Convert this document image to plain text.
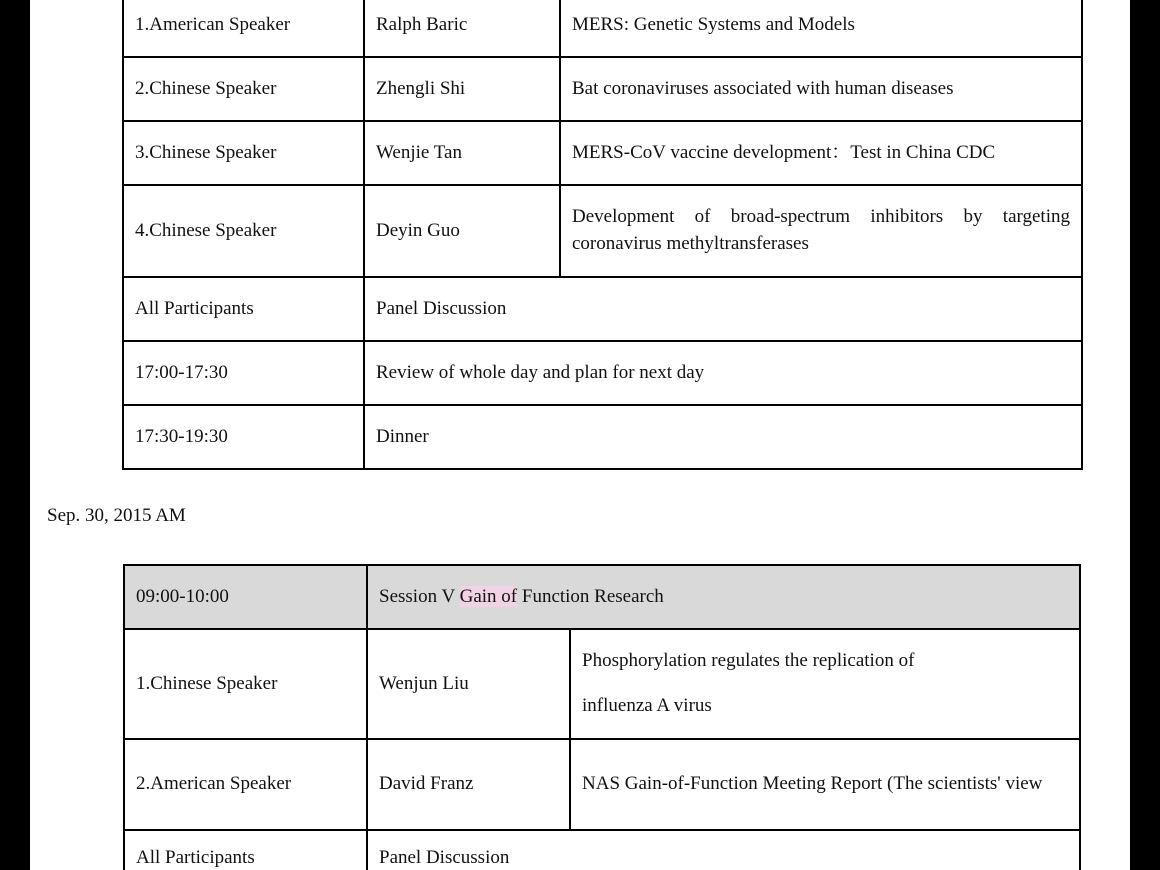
1.American Speaker	Ralph Baric	MERS: Genetic Systems and Models
2.Chinese Speaker	Zhengli Shi	Bat coronaviruses associated with human diseases
3.Chinese Speaker	Wenjie Tan	MERS-CoV vaccine development：Test in China CDC
4.Chinese Speaker	Deyin Guo	Development of broad-spectrum inhibitors by targeting coronavirus methyltransferases
All Participants	Panel Discussion	
17:00-17:30	Review of whole day and plan for next day	
17:30-19:30	Dinner	
Sep. 30, 2015 AM
09:00-10:00	Session V Gain of Function Research	
1.Chinese Speaker	Wenjun Liu	Phosphorylation regulates the replication of

influenza A virus

2.American Speaker	David Franz	NAS Gain-of-Function Meeting Report (The scientists' view
All Participants	Panel Discussion	
